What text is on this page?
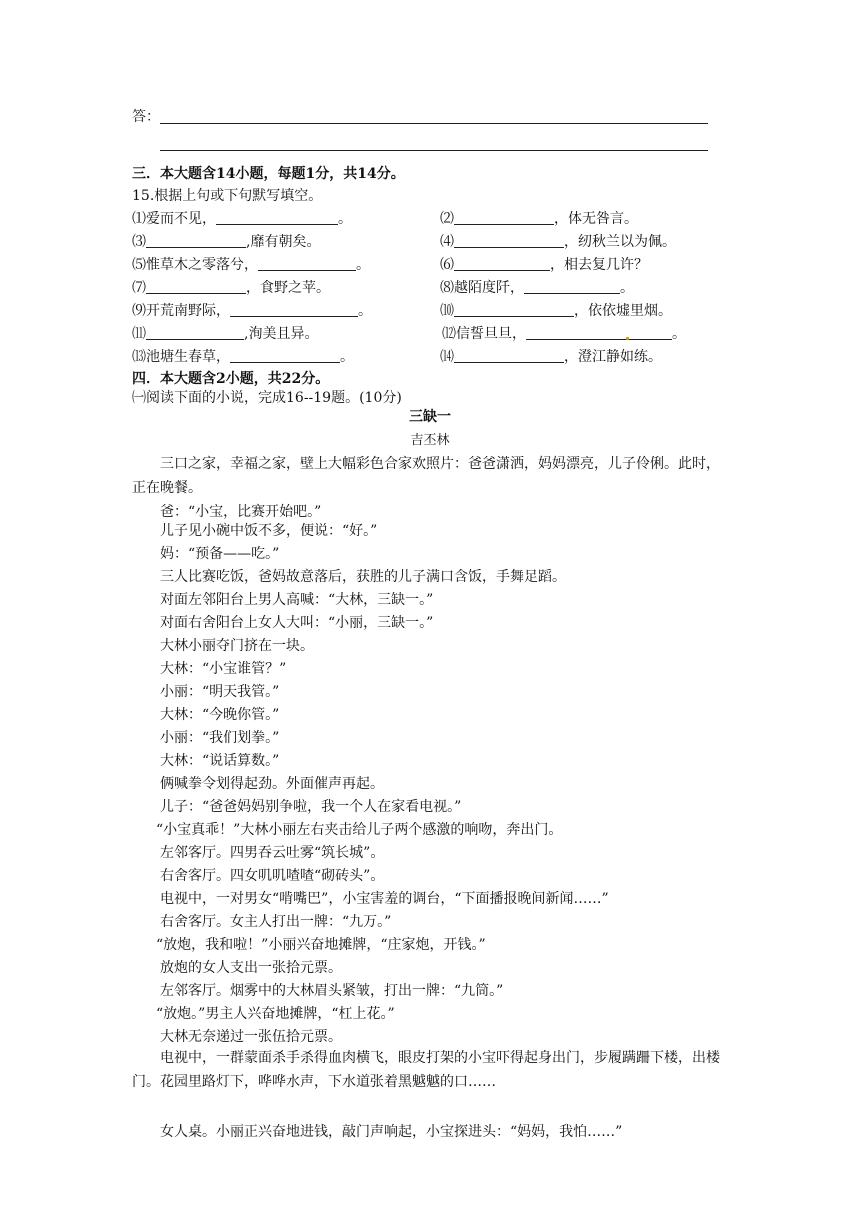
答：
三．本大题含14小题，每题1分，共14分。
15.根据上句或下句默写填空。
⑴爱而不见，	。	⑵	，体无咎言。
⑶	,靡有朝矣。	⑷	，纫秋兰以为佩。
⑸惟草木之零落兮，	。	⑹	，相去复几许？
⑺	，食野之苹。	⑻越陌度阡，	。
⑼开荒南野际，	。	⑽	，依依墟里烟。
⑾	,洵美且异。	⑿信誓旦旦，	。
⒀池塘生春草，	。	⒁	，澄江静如练。
四．本大题含2小题，共22分。
㈠阅读下面的小说，完成16--19题。(10分)
三缺一
吉丕林
三口之家，幸福之家，壁上大幅彩色合家欢照片：爸爸潇洒，妈妈漂亮，儿子伶俐。此时，正在晚餐。
爸：“小宝，比赛开始吧。”
儿子见小碗中饭不多，便说：“好。”
妈：“预备——吃。”
三人比赛吃饭，爸妈故意落后，获胜的儿子满口含饭，手舞足蹈。
对面左邻阳台上男人高喊：“大林，三缺一。”
对面右舍阳台上女人大叫：“小丽，三缺一。”
大林小丽夺门挤在一块。
大林：“小宝谁管？”
小丽：“明天我管。”
大林：“今晚你管。”
小丽：“我们划拳。”
大林：“说话算数。”
俩喊拳令划得起劲。外面催声再起。
儿子：“爸爸妈妈别争啦，我一个人在家看电视。”
“小宝真乖！”大林小丽左右夹击给儿子两个感激的响吻，奔出门。
左邻客厅。四男吞云吐雾“筑长城”。
右舍客厅。四女叽叽喳喳“砌砖头”。
电视中，一对男女“啃嘴巴”，小宝害羞的调台，“下面播报晚间新闻……”
右舍客厅。女主人打出一牌：“九万。”
“放炮，我和啦！”小丽兴奋地摊牌，“庄家炮，开钱。”
放炮的女人支出一张拾元票。
左邻客厅。烟雾中的大林眉头紧皱，打出一牌：“九筒。”
“放炮。”男主人兴奋地摊牌，“杠上花。”
大林无奈递过一张伍拾元票。
电视中，一群蒙面杀手杀得血肉横飞，眼皮打架的小宝吓得起身出门，步履蹒跚下楼，出楼门。花园里路灯下，哗哗水声，下水道张着黑魆魆的口……
女人桌。小丽正兴奋地进钱，敲门声响起，小宝探进头：“妈妈，我怕……”
